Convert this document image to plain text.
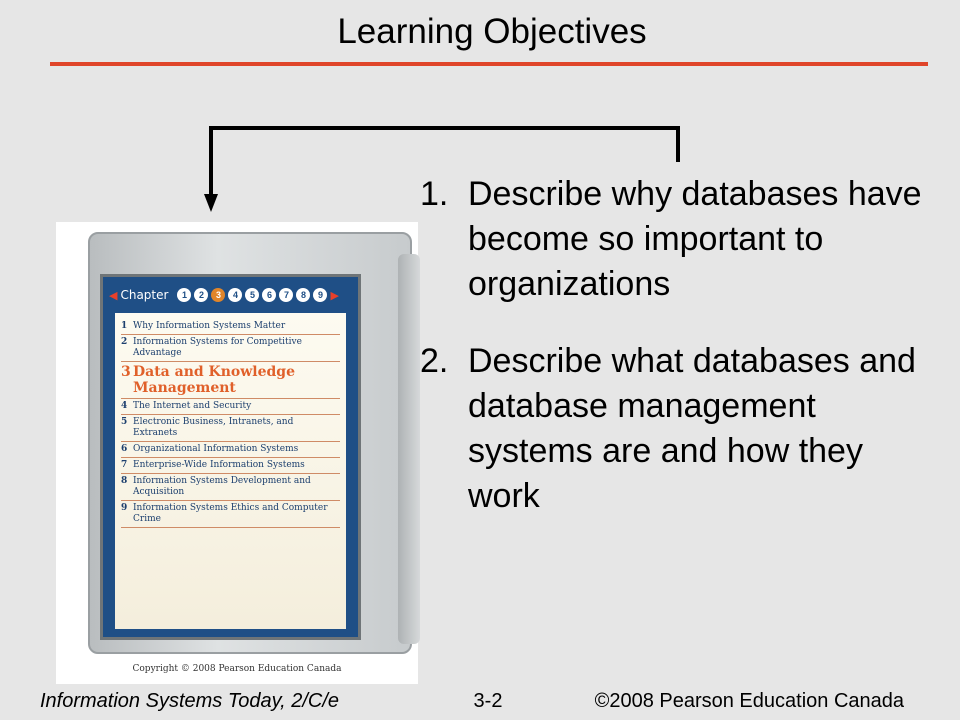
Learning Objectives
◀ Chapter	1	2	3	4	5	6	7	8	9 ▶
1 Why Information Systems Matter
2 Information Systems for Competitive Advantage
3 Data and Knowledge Management
4 The Internet and Security
5 Electronic Business, Intranets, and Extranets
6 Organizational Information Systems
7 Enterprise-Wide Information Systems
8 Information Systems Development and Acquisition
9 Information Systems Ethics and Computer Crime
Copyright © 2008 Pearson Education Canada
1. Describe why databases have become so important to organizations
2. Describe what databases and database management systems are and how they work
Information Systems Today, 2/C/e	3-2	©2008 Pearson Education Canada
